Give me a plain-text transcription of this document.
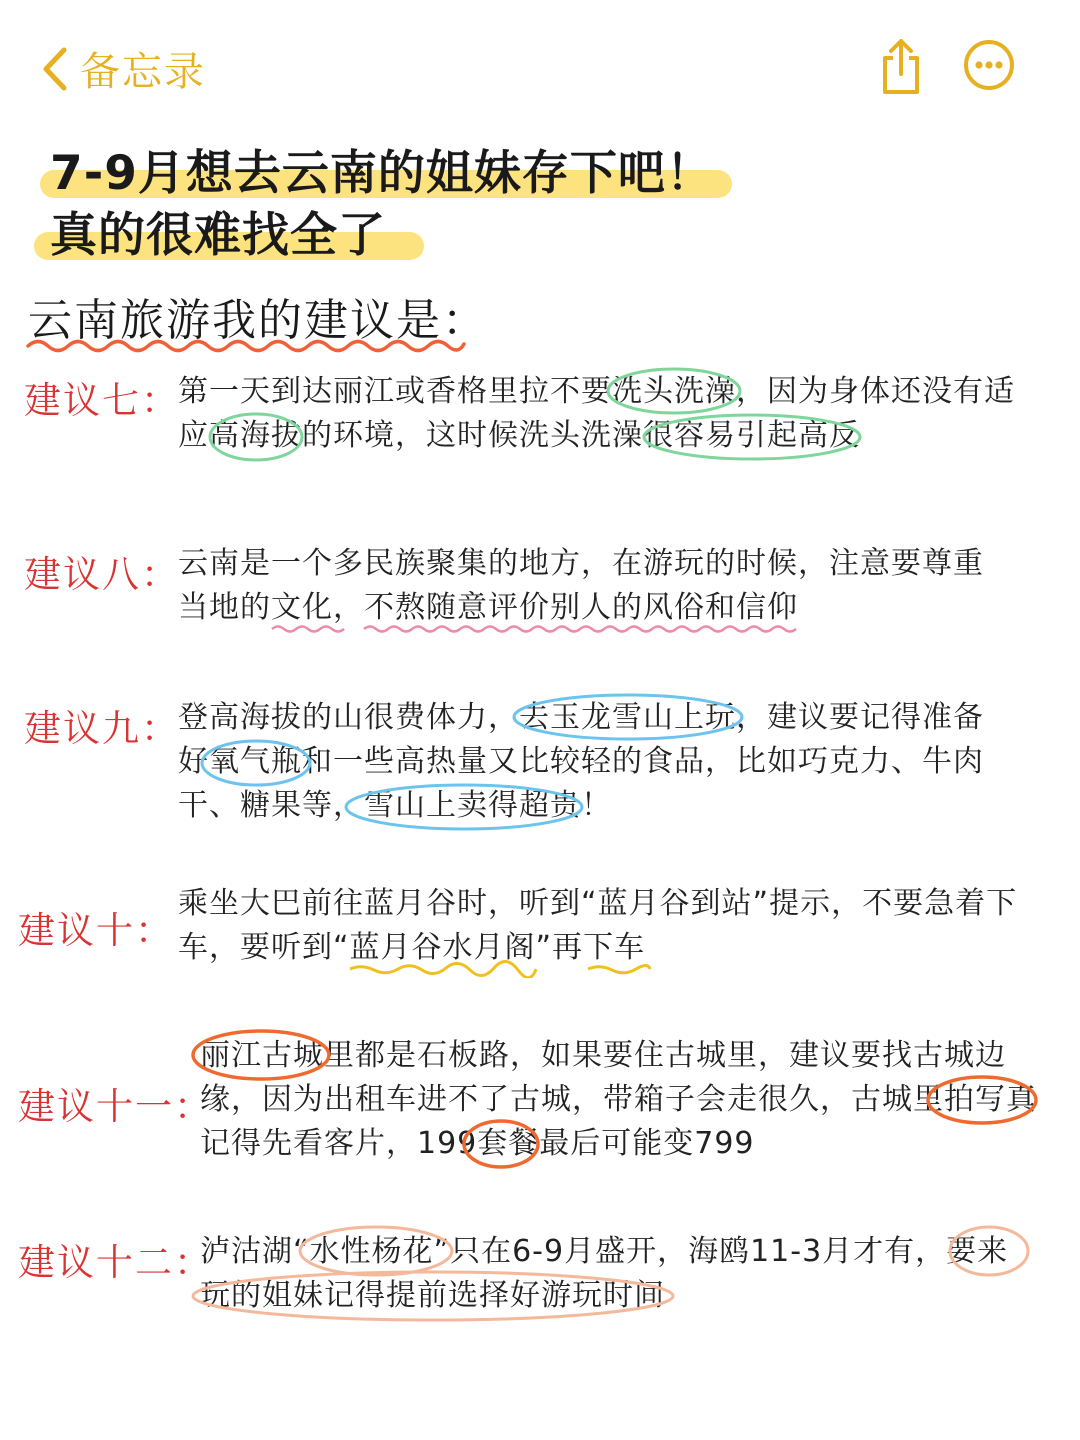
备忘录
7-9月想去云南的姐妹存下吧！
真的很难找全了
云南旅游我的建议是：
建议七：
第一天到达丽江或香格里拉不要洗头洗澡，因为身体还没有适
应高海拔的环境，这时候洗头洗澡很容易引起高反
建议八：
云南是一个多民族聚集的地方，在游玩的时候，注意要尊重
当地的文化，不熬随意评价别人的风俗和信仰
建议九：
登高海拔的山很费体力，去玉龙雪山上玩，建议要记得准备
好氧气瓶和一些高热量又比较轻的食品，比如巧克力、牛肉
干、糖果等，雪山上卖得超贵！
建议十：
乘坐大巴前往蓝月谷时，听到“蓝月谷到站”提示，不要急着下
车，要听到“蓝月谷水月阁”再下车
建议十一：
丽江古城里都是石板路，如果要住古城里，建议要找古城边
缘，因为出租车进不了古城，带箱子会走很久，古城里拍写真
记得先看客片，199套餐最后可能变799
建议十二：
泸沽湖“水性杨花”只在6-9月盛开，海鸥11-3月才有，要来
玩的姐妹记得提前选择好游玩时间
